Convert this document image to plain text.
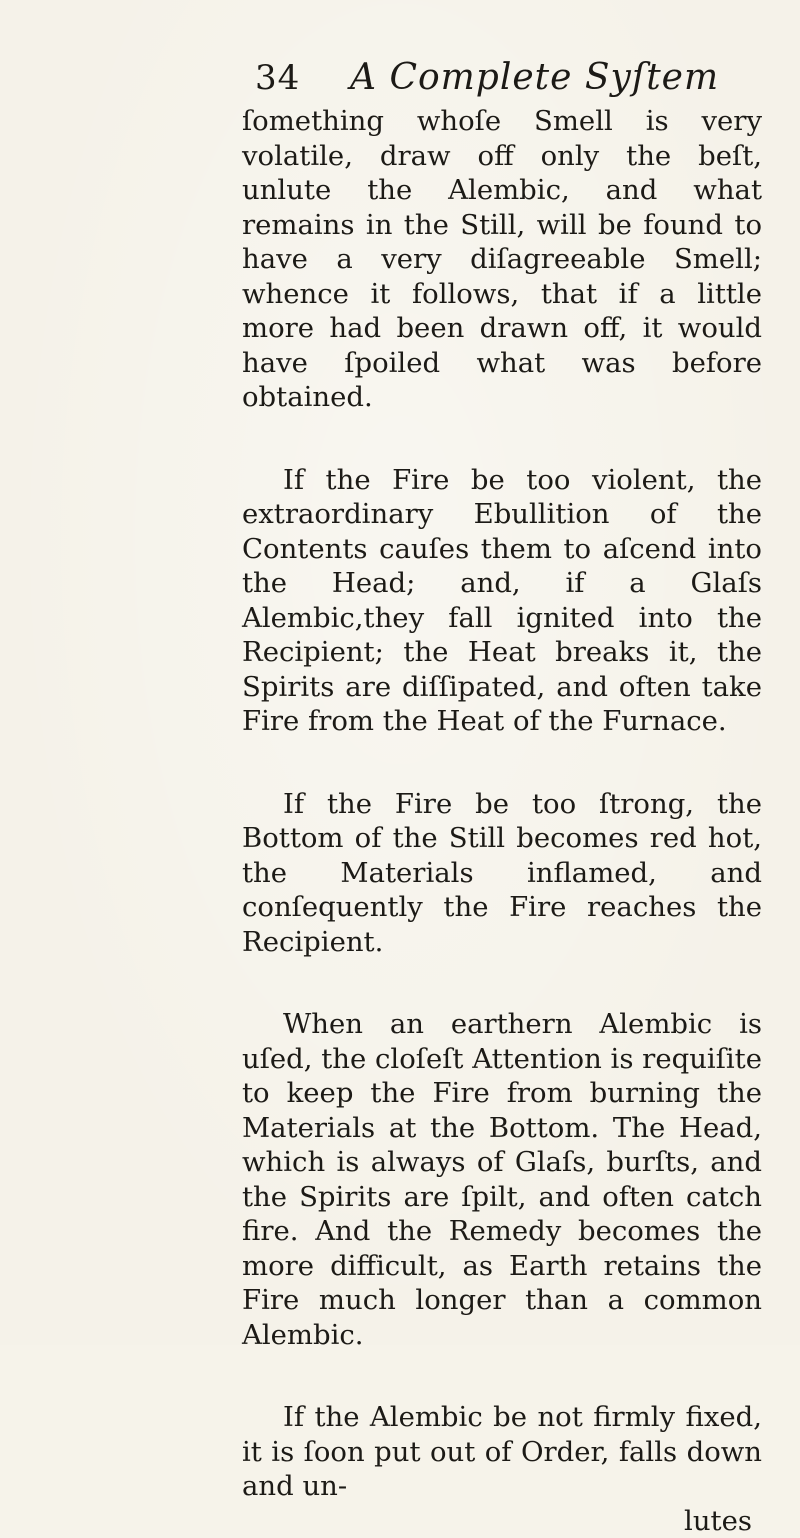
34 A Complete Syſtem

ſomething whoſe Smell is very volatile, draw off only the beſt, unlute the Alembic, and what remains in the Still, will be found to have a very diſagreeable Smell; whence it follows, that if a little more had been drawn off, it would have ſpoiled what was before obtained.

If the Fire be too violent, the extraordinary Ebullition of the Contents cauſes them to aſcend into the Head; and, if a Glaſs Alembic,they fall ignited into the Recipient; the Heat breaks it, the Spirits are diſſipated, and often take Fire from the Heat of the Furnace.

If the Fire be too ſtrong, the Bottom of the Still becomes red hot, the Materials inflamed, and conſequently the Fire reaches the Recipient.

When an earthern Alembic is uſed, the cloſeſt Attention is requiſite to keep the Fire from burning the Materials at the Bottom. The Head, which is always of Glaſs, burſts, and the Spirits are ſpilt, and often catch fire. And the Remedy becomes the more difficult, as Earth retains the Fire much longer than a common Alembic.

If the Alembic be not firmly fixed, it is ſoon put out of Order, falls down and un-

lutes
